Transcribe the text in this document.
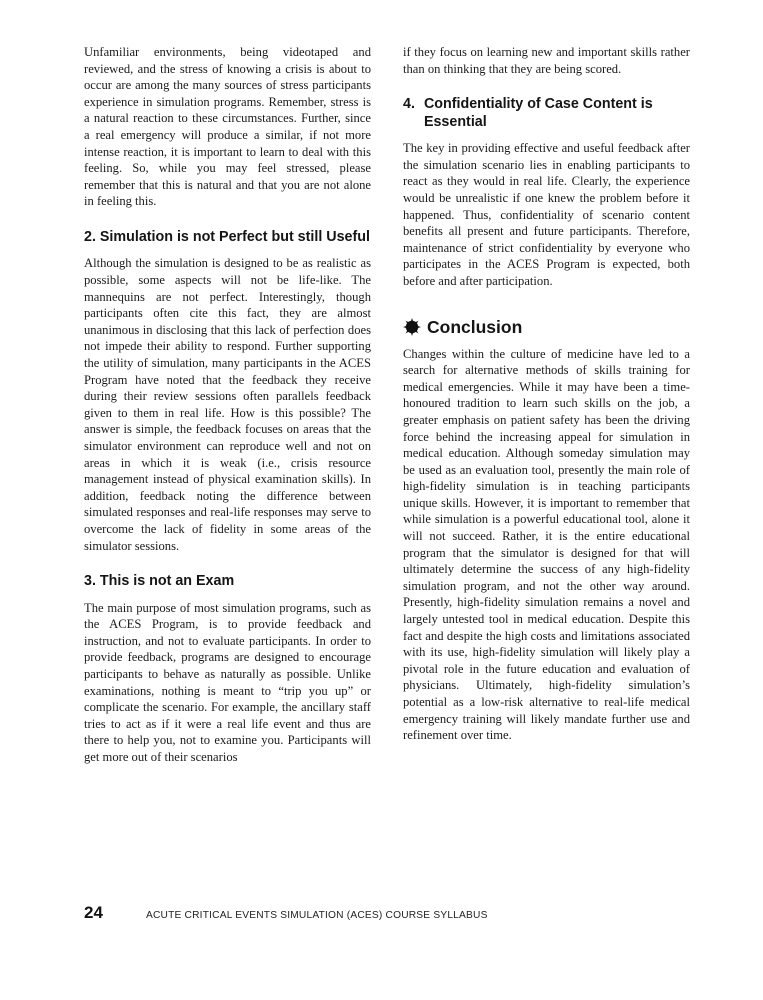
Unfamiliar environments, being videotaped and reviewed, and the stress of knowing a crisis is about to occur are among the many sources of stress participants experience in simulation programs. Remember, stress is a natural reaction to these circumstances. Further, since a real emergency will produce a similar, if not more intense reaction, it is important to learn to deal with this feeling. So, while you may feel stressed, please remember that this is natural and that you are not alone in feeling this.

2. Simulation is not Perfect but still Useful

Although the simulation is designed to be as realistic as possible, some aspects will not be life-like. The mannequins are not perfect. Interestingly, though participants often cite this fact, they are almost unanimous in disclosing that this lack of perfection does not impede their ability to respond. Further supporting the utility of simulation, many participants in the ACES Program have noted that the feedback they receive during their review sessions often parallels feedback given to them in real life. How is this possible? The answer is simple, the feedback focuses on areas that the simulator environment can reproduce well and not on areas in which it is weak (i.e., crisis resource management instead of physical examination skills). In addition, feedback noting the difference between simulated responses and real-life responses may serve to overcome the lack of fidelity in some areas of the simulator sessions.

3. This is not an Exam

The main purpose of most simulation programs, such as the ACES Program, is to provide feedback and instruction, and not to evaluate participants. In order to provide feedback, programs are designed to encourage participants to behave as naturally as possible. Unlike examinations, nothing is meant to “trip you up” or complicate the scenario. For example, the ancillary staff tries to act as if it were a real life event and thus are there to help you, not to examine you. Participants will get more out of their scenarios

if they focus on learning new and important skills rather than on thinking that they are being scored.

4. Confidentiality of Case Content is Essential

The key in providing effective and useful feedback after the simulation scenario lies in enabling participants to react as they would in real life. Clearly, the experience would be unrealistic if one knew the problem before it happened. Thus, confidentiality of scenario content benefits all present and future participants. Therefore, maintenance of strict confidentiality by everyone who participates in the ACES Program is expected, both before and after participation.

Conclusion

Changes within the culture of medicine have led to a search for alternative methods of skills training for medical emergencies. While it may have been a time-honoured tradition to learn such skills on the job, a greater emphasis on patient safety has been the driving force behind the increasing appeal for simulation in medical education. Although someday simulation may be used as an evaluation tool, presently the main role of high-fidelity simulation is in teaching participants unique skills. However, it is important to remember that while simulation is a powerful educational tool, alone it will not succeed. Rather, it is the entire educational program that the simulator is designed for that will ultimately determine the success of any high-fidelity simulation program, and not the other way around. Presently, high-fidelity simulation remains a novel and largely untested tool in medical education. Despite this fact and despite the high costs and limitations associated with its use, high-fidelity simulation will likely play a pivotal role in the future education and evaluation of physicians. Ultimately, high-fidelity simulation’s potential as a low-risk alternative to real-life medical emergency training will likely mandate further use and refinement over time.

24	ACUTE CRITICAL EVENTS SIMULATION (ACES) COURSE SYLLABUS
